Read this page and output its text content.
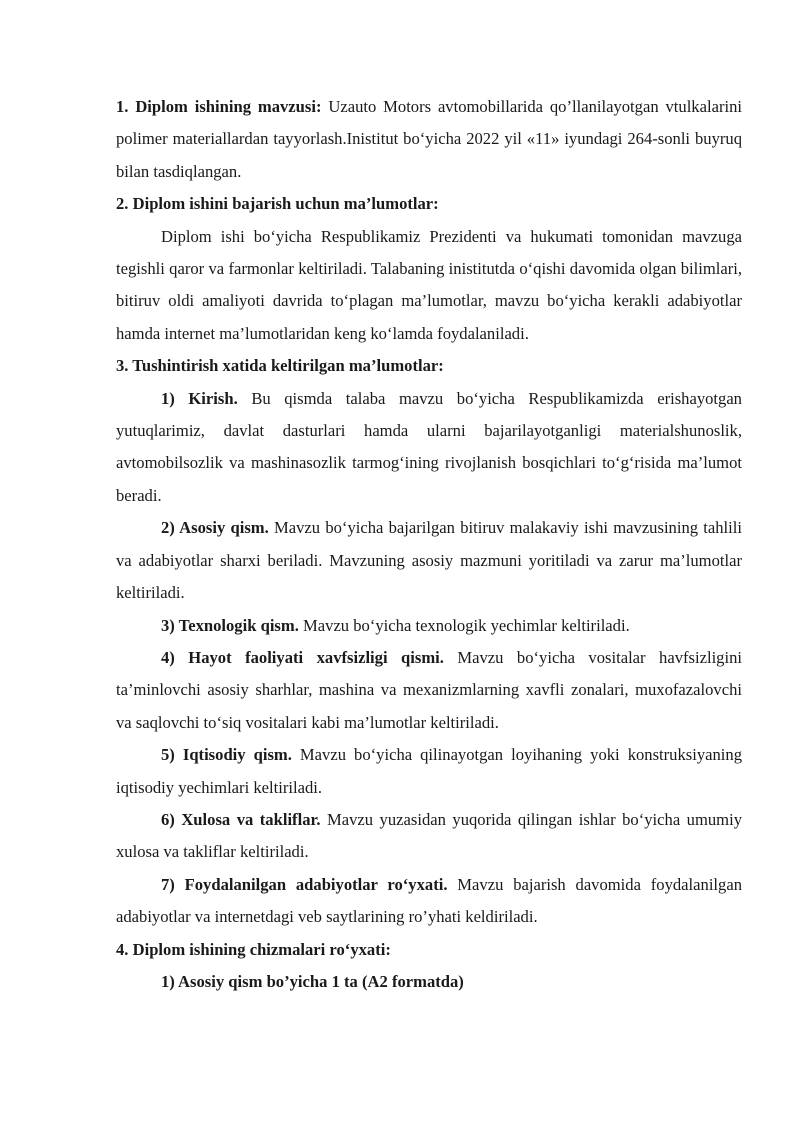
1. Diplom ishining mavzusi: Uzauto Motors avtomobillarida qo’llanilayotgan vtulkalarini polimer materiallardan tayyorlash.Inistitut bo‘yicha 2022 yil «11» iyundagi 264-sonli buyruq bilan tasdiqlangan.

2. Diplom ishini bajarish uchun ma’lumotlar:

Diplom ishi bo‘yicha Respublikamiz Prezidenti va hukumati tomonidan mavzuga tegishli qaror va farmonlar keltiriladi. Talabaning inistitutda o‘qishi davomida olgan bilimlari, bitiruv oldi amaliyoti davrida to‘plagan ma’lumotlar, mavzu bo‘yicha kerakli adabiyotlar hamda internet ma’lumotlaridan keng ko‘lamda foydalaniladi.

3. Tushintirish xatida keltirilgan ma’lumotlar:

1) Kirish. Bu qismda talaba mavzu bo‘yicha Respublikamizda erishayotgan yutuqlarimiz, davlat dasturlari hamda ularni bajarilayotganligi materialshunoslik, avtomobilsozlik va mashinasozlik tarmog‘ining rivojlanish bosqichlari to‘g‘risida ma’lumot beradi.

2) Asosiy qism. Mavzu bo‘yicha bajarilgan bitiruv malakaviy ishi mavzusining tahlili va adabiyotlar sharxi beriladi. Mavzuning asosiy mazmuni yoritiladi va zarur ma’lumotlar keltiriladi.

3) Texnologik qism. Mavzu bo‘yicha texnologik yechimlar keltiriladi.

4) Hayot faoliyati xavfsizligi qismi. Mavzu bo‘yicha vositalar havfsizligini ta’minlovchi asosiy sharhlar, mashina va mexanizmlarning xavfli zonalari, muxofazalovchi va saqlovchi to‘siq vositalari kabi ma’lumotlar keltiriladi.

5) Iqtisodiy qism. Mavzu bo‘yicha qilinayotgan loyihaning yoki konstruksiyaning iqtisodiy yechimlari keltiriladi.

6) Xulosa va takliflar. Mavzu yuzasidan yuqorida qilingan ishlar bo‘yicha umumiy xulosa va takliflar keltiriladi.

7) Foydalanilgan adabiyotlar ro‘yxati. Mavzu bajarish davomida foydalanilgan adabiyotlar va internetdagi veb saytlarining ro’yhati keldiriladi.

4. Diplom ishining chizmalari ro‘yxati:

1) Asosiy qism bo’yicha 1 ta (A2 formatda)
